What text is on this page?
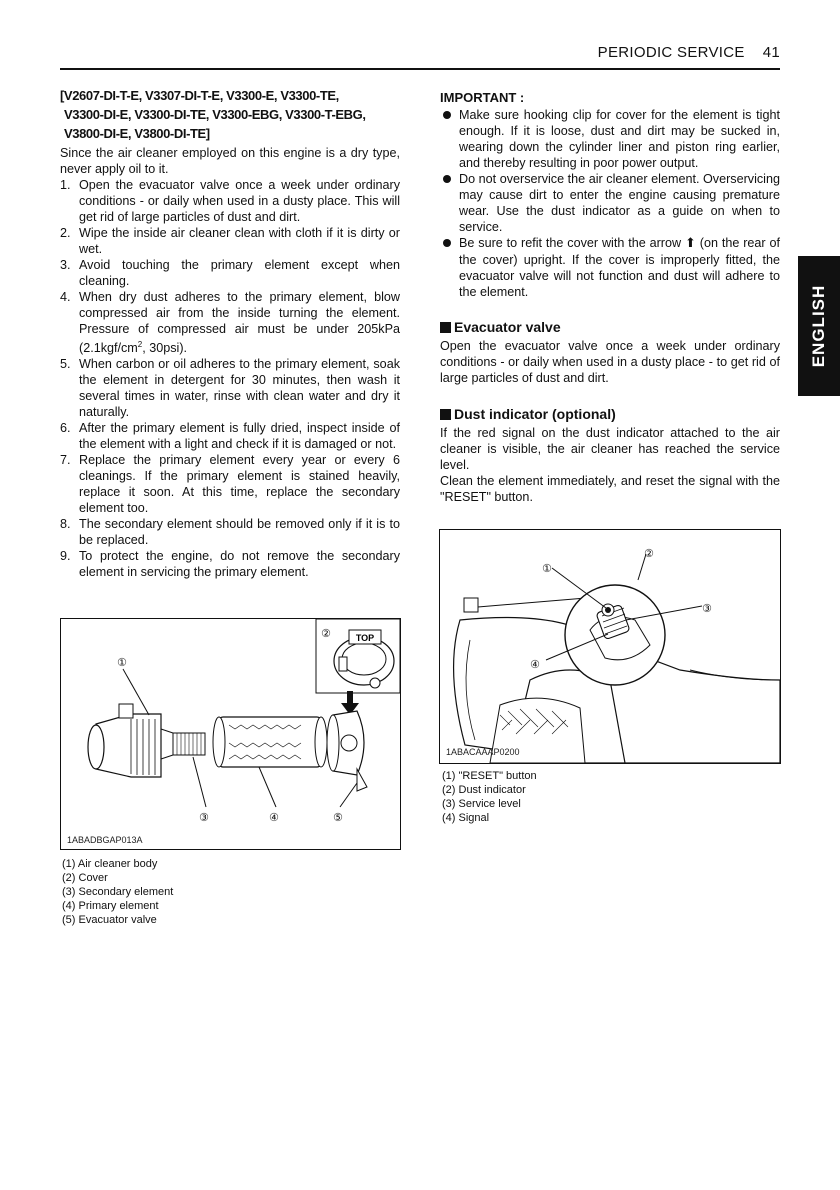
PERIODIC SERVICE 41
ENGLISH
[V2607-DI-T-E, V3307-DI-T-E, V3300-E, V3300-TE,
V3300-DI-E, V3300-DI-TE, V3300-EBG, V3300-T-EBG,
V3800-DI-E, V3800-DI-TE]

Since the air cleaner employed on this engine is a dry type, never apply oil to it.

1. Open the evacuator valve once a week under ordinary conditions - or daily when used in a dusty place. This will get rid of large particles of dust and dirt.
2. Wipe the inside air cleaner clean with cloth if it is dirty or wet.
3. Avoid touching the primary element except when cleaning.
4. When dry dust adheres to the primary element, blow compressed air from the inside turning the element. Pressure of compressed air must be under 205kPa ($2.1kgf/cm^2$, 30psi).
5. When carbon or oil adheres to the primary element, soak the element in detergent for 30 minutes, then wash it several times in water, rinse with clean water and dry it naturally.
6. After the primary element is fully dried, inspect inside of the element with a light and check if it is damaged or not.
7. Replace the primary element every year or every 6 cleanings. If the primary element is stained heavily, replace it soon. At this time, replace the secondary element too.
8. The secondary element should be removed only if it is to be replaced.
9. To protect the engine, do not remove the secondary element in servicing the primary element.
TOP
①
②
③	④	⑤
1ABADBGAP013A
(1) Air cleaner body
(2) Cover
(3) Secondary element
(4) Primary element
(5) Evacuator valve
IMPORTANT :
Make sure hooking clip for cover for the element is tight enough. If it is loose, dust and dirt may be sucked in, wearing down the cylinder liner and piston ring earlier, and thereby resulting in poor power output.
Do not overservice the air cleaner element. Overservicing may cause dirt to enter the engine causing premature wear. Use the dust indicator as a guide on when to service.
Be sure to refit the cover with the arrow ⬆ (on the rear of the cover) upright. If the cover is improperly fitted, the evacuator valve will not function and dust will adhere to the element.
Evacuator valve

Open the evacuator valve once a week under ordinary conditions - or daily when used in a dusty place - to get rid of large particles of dust and dirt.

Dust indicator (optional)

If the red signal on the dust indicator attached to the air cleaner is visible, the air cleaner has reached the service level.

Clean the element immediately, and reset the signal with the "RESET" button.

①
②
③
④
1ABACAAAP0200
(1) "RESET" button
(2) Dust indicator
(3) Service level
(4) Signal
